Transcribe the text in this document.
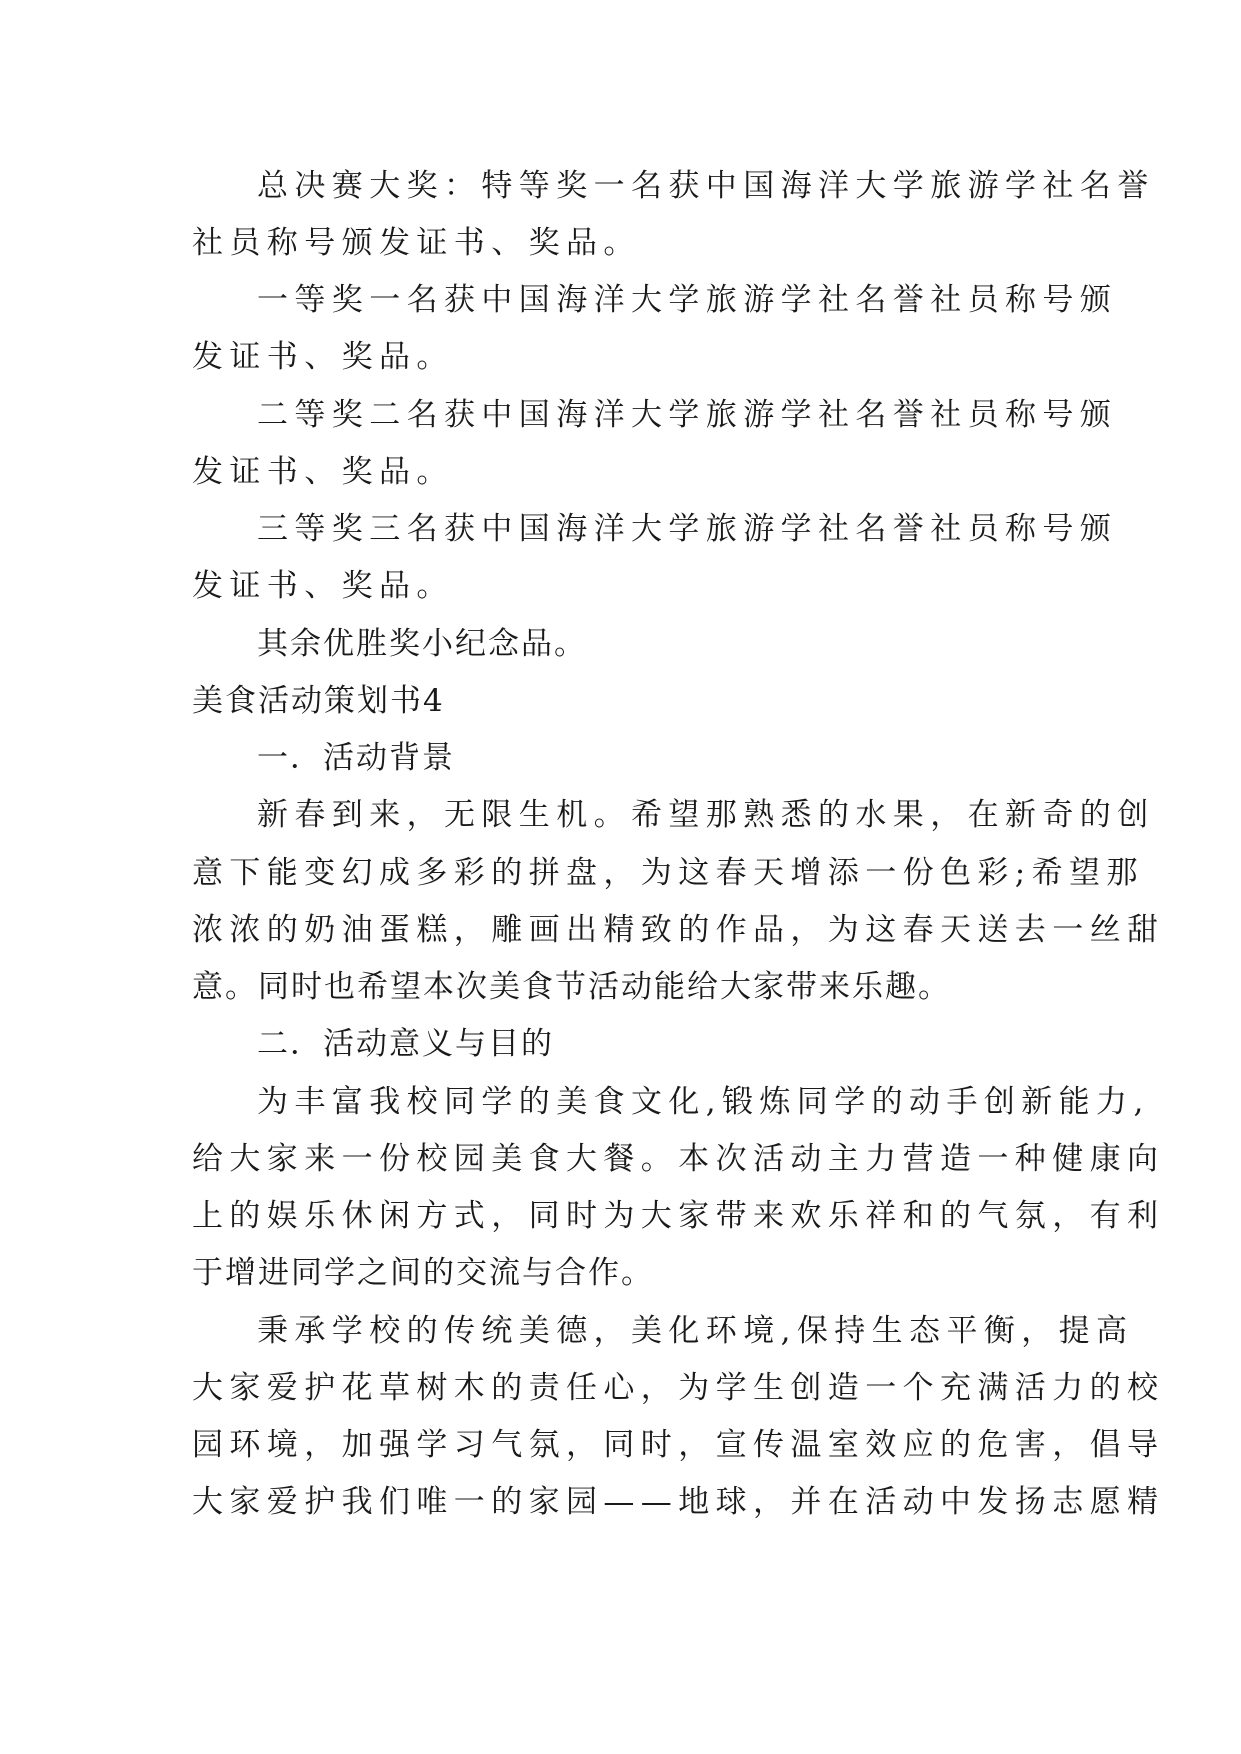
总决赛大奖：特等奖一名获中国海洋大学旅游学社名誉
社员称号颁发证书、奖品。
一等奖一名获中国海洋大学旅游学社名誉社员称号颁
发证书、奖品。
二等奖二名获中国海洋大学旅游学社名誉社员称号颁
发证书、奖品。
三等奖三名获中国海洋大学旅游学社名誉社员称号颁
发证书、奖品。
其余优胜奖小纪念品。
美食活动策划书4
一．活动背景
新春到来，无限生机。希望那熟悉的水果，在新奇的创
意下能变幻成多彩的拼盘，为这春天增添一份色彩;希望那
浓浓的奶油蛋糕，雕画出精致的作品，为这春天送去一丝甜
意。同时也希望本次美食节活动能给大家带来乐趣。
二．活动意义与目的
为丰富我校同学的美食文化,锻炼同学的动手创新能力,
给大家来一份校园美食大餐。本次活动主力营造一种健康向
上的娱乐休闲方式，同时为大家带来欢乐祥和的气氛，有利
于增进同学之间的交流与合作。
秉承学校的传统美德，美化环境,保持生态平衡，提高
大家爱护花草树木的责任心，为学生创造一个充满活力的校
园环境，加强学习气氛，同时，宣传温室效应的危害，倡导
大家爱护我们唯一的家园——地球，并在活动中发扬志愿精
